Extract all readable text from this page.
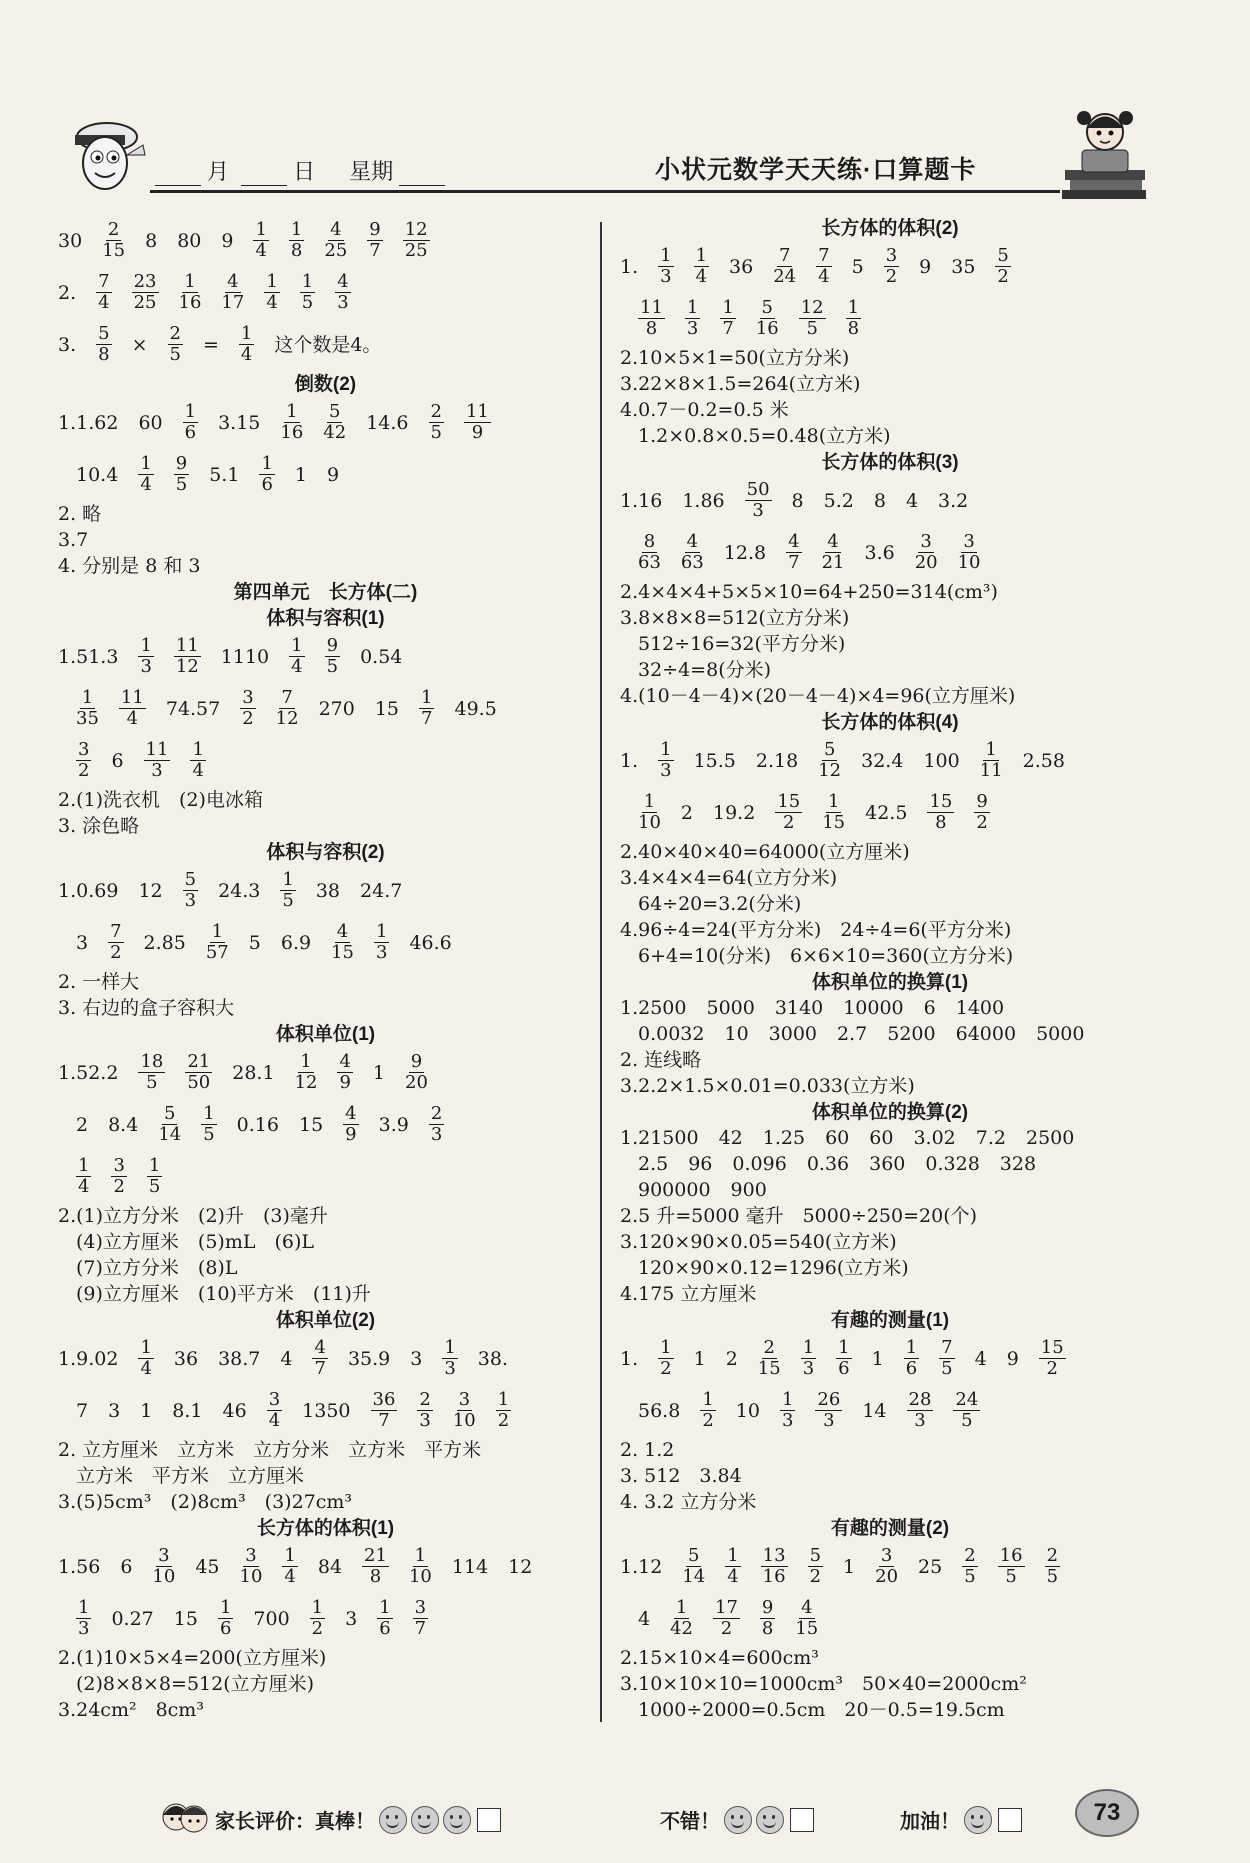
月	日 星期	小状元数学天天练·口算题卡
$30 \frac{2}{15} 8$ 80 $9 \frac{1}{4} \frac{1}{8} \frac{4}{25} \frac{9}{7} \frac{12}{25}$
2. $\frac{7}{4} \frac{23}{25} \frac{1}{16} \frac{4}{17} \frac{1}{4} \frac{1}{5} \frac{4}{3}$
3. $\frac{5}{8} \times \frac{2}{5} = \frac{1}{4}$ 这个数是4。
倒数(2)
1.1.62 $60 \frac{1}{6} 3.15 \frac{1}{16} \frac{5}{42} 14.6 \frac{2}{5} \frac{11}{9}$
$10.4 \frac{1}{4} \frac{9}{5} 5.1 \frac{1}{6} 1$ 9
2. 略
3.7
4. 分别是 8 和 3
第四单元　长方体(二)
体积与容积(1)
$1.51.3 \frac{1}{3} \frac{11}{12} 1110 \frac{1}{4} \frac{9}{5} 0.54$
$\frac{1}{35} \frac{11}{4} 74.57 \frac{3}{2} \frac{7}{12} 270$ $15 \frac{1}{7} 49.5$
$\frac{3}{2} 6 \frac{11}{3} \frac{1}{4}$
2.(1)洗衣机　(2)电冰箱
3. 涂色略
体积与容积(2)
1.0.69 $12 \frac{5}{3} 24.3 \frac{1}{5} 38$ 24.7
$3 \frac{7}{2} 2.85 \frac{1}{57} 5$ $6.9 \frac{4}{15} \frac{1}{3} 46.6$
2. 一样大
3. 右边的盒子容积大
体积单位(1)
$1.52.2 \frac{18}{5} \frac{21}{50} 28.1 \frac{1}{12} \frac{4}{9} 1 \frac{9}{20}$
2 $8.4 \frac{5}{14} \frac{1}{5} 0.16$ $15 \frac{4}{9} 3.9 \frac{2}{3}$
$\frac{1}{4} \frac{3}{2} \frac{1}{5}$
2.(1)立方分米　(2)升　(3)毫升
(4)立方厘米　(5)mL　(6)L
(7)立方分米　(8)L
(9)立方厘米　(10)平方米　(11)升
体积单位(2)
$1.9.02 \frac{1}{4} 36$ 38.7 $4 \frac{4}{7} 35.9$ $3 \frac{1}{3} 38$.
7 3 1 8.1 $46 \frac{3}{4} 1350 \frac{36}{7} \frac{2}{3} \frac{3}{10} \frac{1}{2}$
2. 立方厘米　立方米　立方分米　立方米　平方米
立方米　平方米　立方厘米
3.(5)5cm³　(2)8cm³　(3)27cm³
长方体的体积(1)
1.56 $6 \frac{3}{10} 45 \frac{3}{10} \frac{1}{4} 84 \frac{21}{8} \frac{1}{10} 114$ 12
$\frac{1}{3} 0.27$ $15 \frac{1}{6} 700 \frac{1}{2} 3 \frac{1}{6} \frac{3}{7}$
2.(1)10×5×4=200(立方厘米)
(2)8×8×8=512(立方厘米)
3.24cm²　8cm³
长方体的体积(2)
1. $\frac{1}{3} \frac{1}{4} 36 \frac{7}{24} \frac{7}{4} 5 \frac{3}{2} 9$ $35 \frac{5}{2}$
$\frac{11}{8} \frac{1}{3} \frac{1}{7} \frac{5}{16} \frac{12}{5} \frac{1}{8}$
2.10×5×1=50(立方分米)
3.22×8×1.5=264(立方米)
4.0.7－0.2=0.5 米
1.2×0.8×0.5=0.48(立方米)
长方体的体积(3)
1.16 $1.86 \frac{50}{3} 8$ 5.2 8 4 3.2
$\frac{8}{63} \frac{4}{63} 12.8 \frac{4}{7} \frac{4}{21} 3.6 \frac{3}{20} \frac{3}{10}$
2.4×4×4+5×5×10=64+250=314(cm³)
3.8×8×8=512(立方分米)
512÷16=32(平方分米)
32÷4=8(分米)
4.(10－4－4)×(20－4－4)×4=96(立方厘米)
长方体的体积(4)
1. $\frac{1}{3} 15.5$ $2.18 \frac{5}{12} 32.4$ $100 \frac{1}{11} 2.58$
$\frac{1}{10} 2$ $19.2 \frac{15}{2} \frac{1}{15} 42.5 \frac{15}{8} \frac{9}{2}$
2.40×40×40=64000(立方厘米)
3.4×4×4=64(立方分米)
64÷20=3.2(分米)
4.96÷4=24(平方分米)　24÷4=6(平方分米)
6+4=10(分米)　6×6×10=360(立方分米)
体积单位的换算(1)
1.2500 5000 3140 10000 6 1400
0.0032 10 3000 2.7 5200 64000 5000
2. 连线略
3.2.2×1.5×0.01=0.033(立方米)
体积单位的换算(2)
1.21500 42 1.25 60 60 3.02 7.2 2500
2.5 96 0.096 0.36 360 0.328 328
900000 900
2.5 升=5000 毫升　5000÷250=20(个)
3.120×90×0.05=540(立方米)
120×90×0.12=1296(立方米)
4.175 立方厘米
有趣的测量(1)
1. $\frac{1}{2} 1$ $2 \frac{2}{15} \frac{1}{3} \frac{1}{6} 1 \frac{1}{6} \frac{7}{5} 4$ $9 \frac{15}{2}$
$56.8 \frac{1}{2} 10 \frac{1}{3} \frac{26}{3} 14 \frac{28}{3} \frac{24}{5}$
2. 1.2
3. 512　3.84
4. 3.2 立方分米
有趣的测量(2)
$1.12 \frac{5}{14} \frac{1}{4} \frac{13}{16} \frac{5}{2} 1 \frac{3}{20} 25 \frac{2}{5} \frac{16}{5} \frac{2}{5}$
$4 \frac{1}{42} \frac{17}{2} \frac{9}{8} \frac{4}{15}$
2.15×10×4=600cm³
3.10×10×10=1000cm³　50×40=2000cm²
1000÷2000=0.5cm　20－0.5=19.5cm
家长评价：真棒！	不错！	加油！	73
